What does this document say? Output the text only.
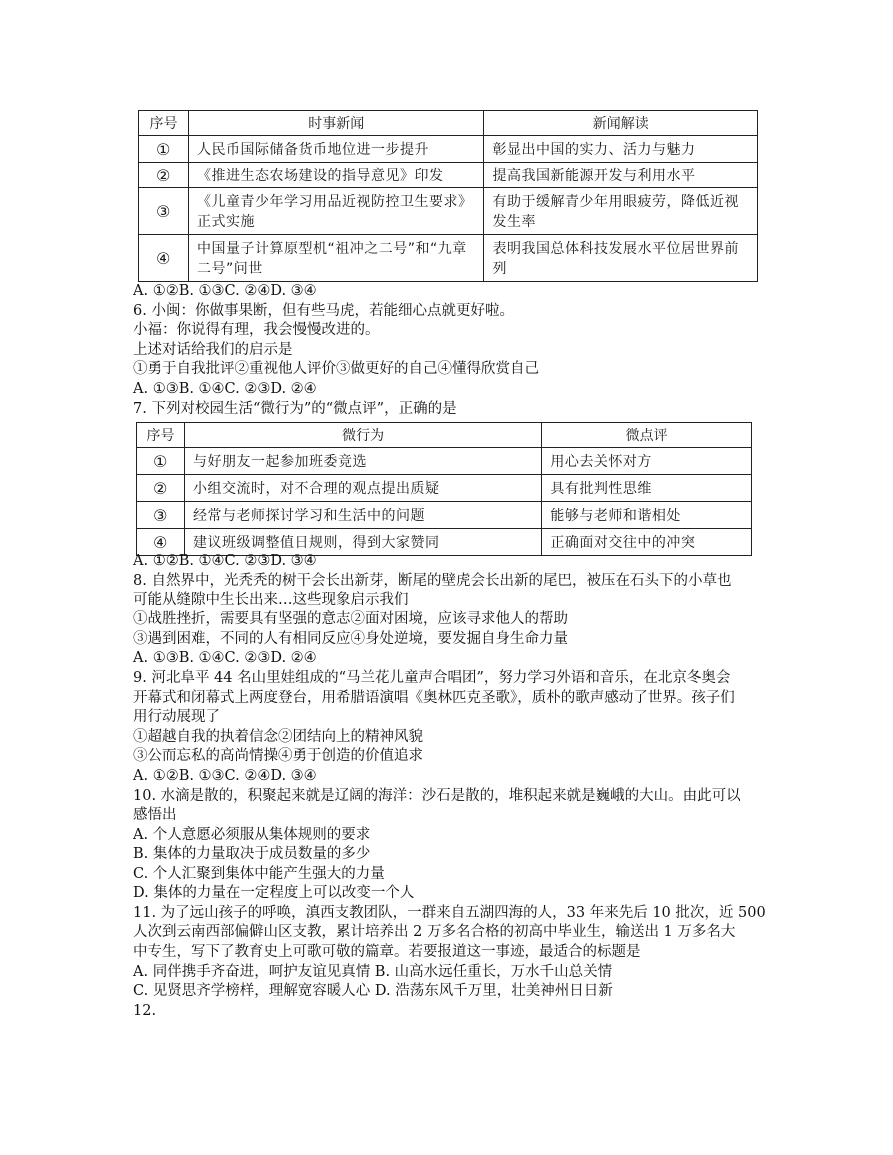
序号	时事新闻	新闻解读
①	人民币国际储备货币地位进一步提升	彰显出中国的实力、活力与魅力
②	《推进生态农场建设的指导意见》印发	提高我国新能源开发与利用水平
③	《儿童青少年学习用品近视防控卫生要求》正式实施	有助于缓解青少年用眼疲劳，降低近视发生率
④	中国量子计算原型机“祖冲之二号”和“九章二号”问世	表明我国总体科技发展水平位居世界前列
A. ①②B. ①③C. ②④D. ③④
6. 小闽：你做事果断，但有些马虎，若能细心点就更好啦。
小福：你说得有理，我会慢慢改进的。
上述对话给我们的启示是
①勇于自我批评②重视他人评价③做更好的自己④懂得欣赏自己
A. ①③B. ①④C. ②③D. ②④
7. 下列对校园生活“微行为”的“微点评”，正确的是
序号	微行为	微点评
①	与好朋友一起参加班委竞选	用心去关怀对方
②	小组交流时，对不合理的观点提出质疑	具有批判性思维
③	经常与老师探讨学习和生活中的问题	能够与老师和谐相处
④	建议班级调整值日规则，得到大家赞同	正确面对交往中的冲突
A. ①②B. ①④C. ②③D. ③④
8. 自然界中，光秃秃的树干会长出新芽，断尾的壁虎会长出新的尾巴，被压在石头下的小草也
可能从缝隙中生长出来…这些现象启示我们
①战胜挫折，需要具有坚强的意志②面对困境，应该寻求他人的帮助
③遇到困难，不同的人有相同反应④身处逆境，要发掘自身生命力量
A. ①③B. ①④C. ②③D. ②④
9. 河北阜平 44 名山里娃组成的“马兰花儿童声合唱团”，努力学习外语和音乐，在北京冬奥会
开幕式和闭幕式上两度登台，用希腊语演唱《奥林匹克圣歌》，质朴的歌声感动了世界。孩子们
用行动展现了
①超越自我的执着信念②团结向上的精神风貌
③公而忘私的高尚情操④勇于创造的价值追求
A. ①②B. ①③C. ②④D. ③④
10. 水滴是散的，积聚起来就是辽阔的海洋：沙石是散的，堆积起来就是巍峨的大山。由此可以
感悟出
A. 个人意愿必须服从集体规则的要求
B. 集体的力量取决于成员数量的多少
C. 个人汇聚到集体中能产生强大的力量
D. 集体的力量在一定程度上可以改变一个人
11. 为了远山孩子的呼唤，滇西支教团队，一群来自五湖四海的人，33 年来先后 10 批次，近 500
人次到云南西部偏僻山区支教，累计培养出 2 万多名合格的初高中毕业生，输送出 1 万多名大
中专生，写下了教育史上可歌可敬的篇章。若要报道这一事迹，最适合的标题是
A. 同伴携手齐奋进，呵护友谊见真情 B. 山高水远任重长，万水千山总关情
C. 见贤思齐学榜样，理解宽容暖人心 D. 浩荡东风千万里，壮美神州日日新
12.
